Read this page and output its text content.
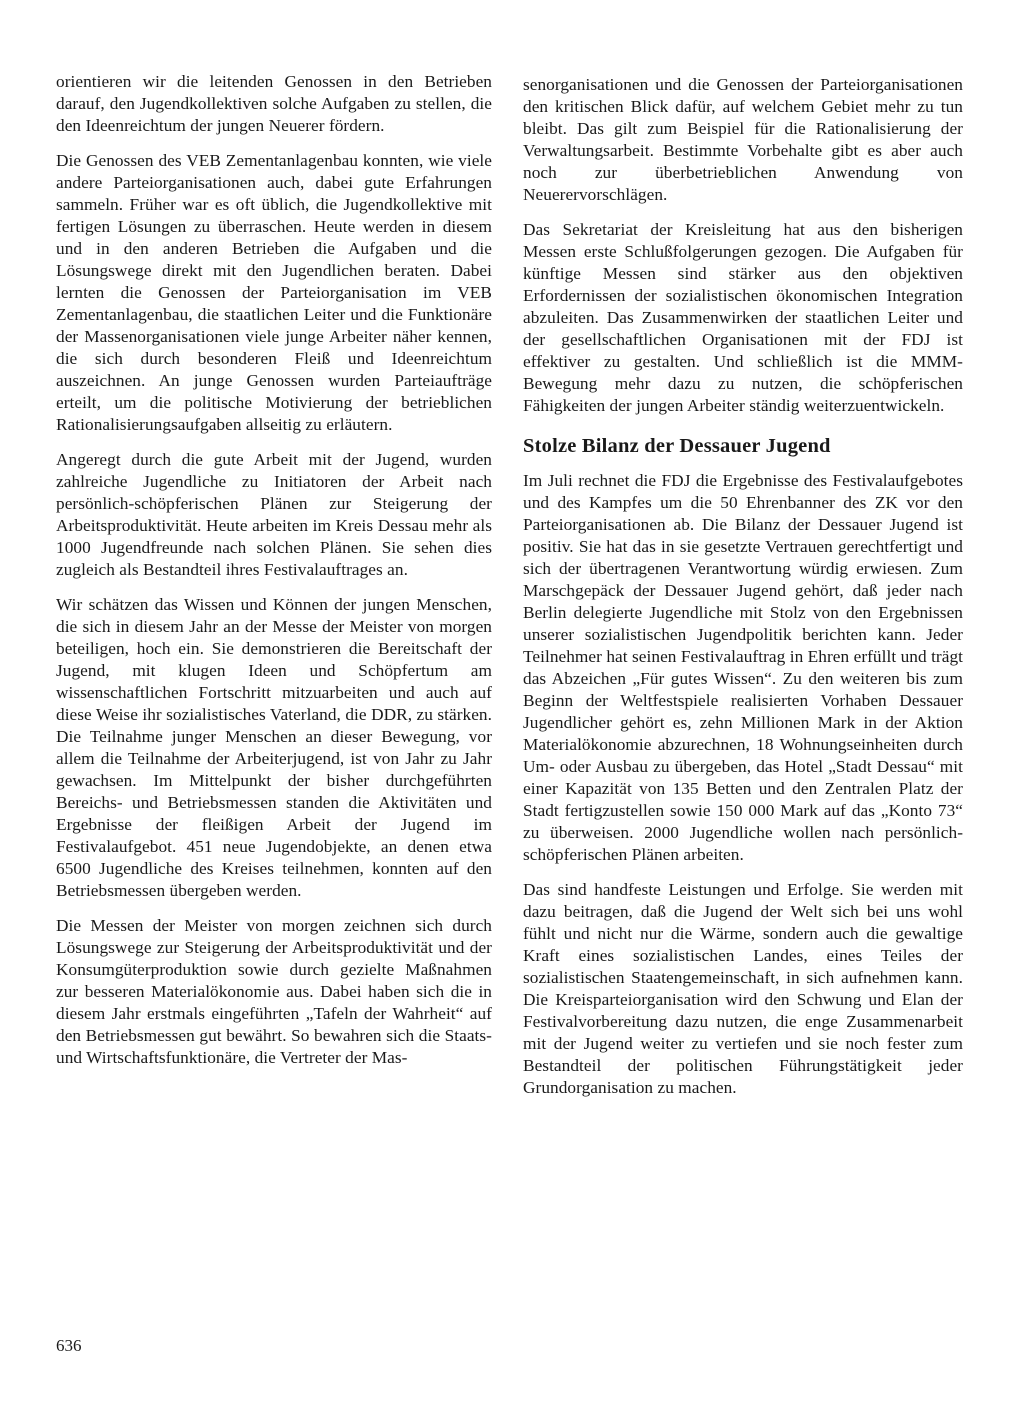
orientieren wir die leitenden Genossen in den Betrieben darauf, den Jugendkollektiven solche Aufgaben zu stellen, die den Ideenreichtum der jungen Neuerer fördern.

Die Genossen des VEB Zementanlagenbau konnten, wie viele andere Parteiorganisationen auch, dabei gute Erfahrungen sammeln. Früher war es oft üblich, die Jugendkollektive mit fertigen Lösungen zu überraschen. Heute werden in diesem und in den anderen Betrieben die Aufgaben und die Lösungswege direkt mit den Jugendlichen beraten. Dabei lernten die Genossen der Parteiorganisation im VEB Zementanlagenbau, die staatlichen Leiter und die Funktionäre der Massenorganisationen viele junge Arbeiter näher kennen, die sich durch besonderen Fleiß und Ideenreichtum auszeichnen. An junge Genossen wurden Parteiaufträge erteilt, um die politische Motivierung der betrieblichen Rationalisierungsaufgaben allseitig zu erläutern.

Angeregt durch die gute Arbeit mit der Jugend, wurden zahlreiche Jugendliche zu Initiatoren der Arbeit nach persönlich-schöpferischen Plänen zur Steigerung der Arbeitsproduktivität. Heute arbeiten im Kreis Dessau mehr als 1000 Jugendfreunde nach solchen Plänen. Sie sehen dies zugleich als Bestandteil ihres Festivalauftrages an.

Wir schätzen das Wissen und Können der jungen Menschen, die sich in diesem Jahr an der Messe der Meister von morgen beteiligen, hoch ein. Sie demonstrieren die Bereitschaft der Jugend, mit klugen Ideen und Schöpfertum am wissenschaftlichen Fortschritt mitzuarbeiten und auch auf diese Weise ihr sozialistisches Vaterland, die DDR, zu stärken. Die Teilnahme junger Menschen an dieser Bewegung, vor allem die Teilnahme der Arbeiterjugend, ist von Jahr zu Jahr gewachsen. Im Mittelpunkt der bisher durchgeführten Bereichs- und Betriebsmessen standen die Aktivitäten und Ergebnisse der fleißigen Arbeit der Jugend im Festivalaufgebot. 451 neue Jugendobjekte, an denen etwa 6500 Jugendliche des Kreises teilnehmen, konnten auf den Betriebsmessen übergeben werden.

Die Messen der Meister von morgen zeichnen sich durch Lösungswege zur Steigerung der Arbeitsproduktivität und der Konsumgüterproduktion sowie durch gezielte Maßnahmen zur besseren Materialökonomie aus. Dabei haben sich die in diesem Jahr erstmals eingeführten „Tafeln der Wahrheit“ auf den Betriebsmessen gut bewährt. So bewahren sich die Staats- und Wirtschaftsfunktionäre, die Vertreter der Mas-

senorganisationen und die Genossen der Parteiorganisationen den kritischen Blick dafür, auf welchem Gebiet mehr zu tun bleibt. Das gilt zum Beispiel für die Rationalisierung der Verwaltungsarbeit. Bestimmte Vorbehalte gibt es aber auch noch zur überbetrieblichen Anwendung von Neuerervorschlägen.

Das Sekretariat der Kreisleitung hat aus den bisherigen Messen erste Schlußfolgerungen gezogen. Die Aufgaben für künftige Messen sind stärker aus den objektiven Erfordernissen der sozialistischen ökonomischen Integration abzuleiten. Das Zusammenwirken der staatlichen Leiter und der gesellschaftlichen Organisationen mit der FDJ ist effektiver zu gestalten. Und schließlich ist die MMM-Bewegung mehr dazu zu nutzen, die schöpferischen Fähigkeiten der jungen Arbeiter ständig weiterzuentwickeln.

Stolze Bilanz der Dessauer Jugend

Im Juli rechnet die FDJ die Ergebnisse des Festivalaufgebotes und des Kampfes um die 50 Ehrenbanner des ZK vor den Parteiorganisationen ab. Die Bilanz der Dessauer Jugend ist positiv. Sie hat das in sie gesetzte Vertrauen gerechtfertigt und sich der übertragenen Verantwortung würdig erwiesen. Zum Marschgepäck der Dessauer Jugend gehört, daß jeder nach Berlin delegierte Jugendliche mit Stolz von den Ergebnissen unserer sozialistischen Jugendpolitik berichten kann. Jeder Teilnehmer hat seinen Festivalauftrag in Ehren erfüllt und trägt das Abzeichen „Für gutes Wissen“. Zu den weiteren bis zum Beginn der Weltfestspiele realisierten Vorhaben Dessauer Jugendlicher gehört es, zehn Millionen Mark in der Aktion Materialökonomie abzurechnen, 18 Wohnungseinheiten durch Um- oder Ausbau zu übergeben, das Hotel „Stadt Dessau“ mit einer Kapazität von 135 Betten und den Zentralen Platz der Stadt fertigzustellen sowie 150 000 Mark auf das „Konto 73“ zu überweisen. 2000 Jugendliche wollen nach persönlich-schöpferischen Plänen arbeiten.

Das sind handfeste Leistungen und Erfolge. Sie werden mit dazu beitragen, daß die Jugend der Welt sich bei uns wohl fühlt und nicht nur die Wärme, sondern auch die gewaltige Kraft eines sozialistischen Landes, eines Teiles der sozialistischen Staatengemeinschaft, in sich aufnehmen kann. Die Kreisparteiorganisation wird den Schwung und Elan der Festivalvorbereitung dazu nutzen, die enge Zusammenarbeit mit der Jugend weiter zu vertiefen und sie noch fester zum Bestandteil der politischen Führungstätigkeit jeder Grundorganisation zu machen.

636
